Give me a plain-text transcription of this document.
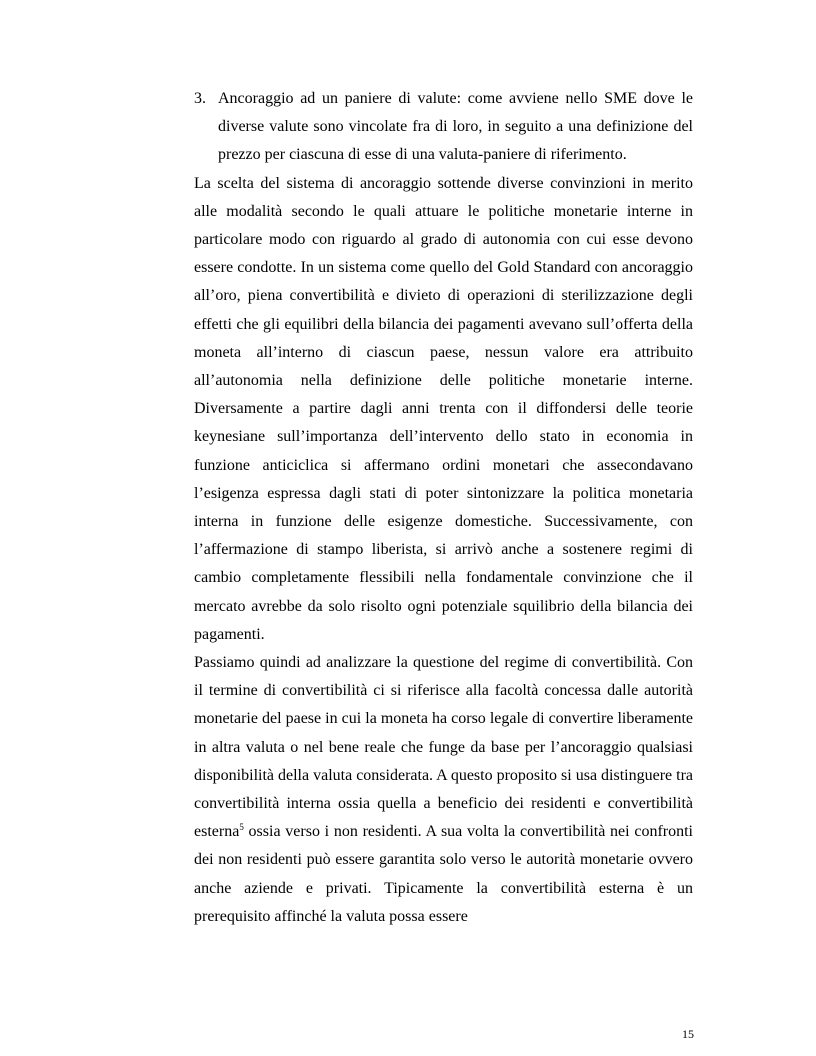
3. Ancoraggio ad un paniere di valute: come avviene nello SME dove le diverse valute sono vincolate fra di loro, in seguito a una definizione del prezzo per ciascuna di esse di una valuta-paniere di riferimento.

La scelta del sistema di ancoraggio sottende diverse convinzioni in merito alle modalità secondo le quali attuare le politiche monetarie interne in particolare modo con riguardo al grado di autonomia con cui esse devono essere condotte. In un sistema come quello del Gold Standard con ancoraggio all’oro, piena convertibilità e divieto di operazioni di sterilizzazione degli effetti che gli equilibri della bilancia dei pagamenti avevano sull’offerta della moneta all’interno di ciascun paese, nessun valore era attribuito all’autonomia nella definizione delle politiche monetarie interne. Diversamente a partire dagli anni trenta con il diffondersi delle teorie keynesiane sull’importanza dell’intervento dello stato in economia in funzione anticiclica si affermano ordini monetari che assecondavano l’esigenza espressa dagli stati di poter sintonizzare la politica monetaria interna in funzione delle esigenze domestiche. Successivamente, con l’affermazione di stampo liberista, si arrivò anche a sostenere regimi di cambio completamente flessibili nella fondamentale convinzione che il mercato avrebbe da solo risolto ogni potenziale squilibrio della bilancia dei pagamenti.

Passiamo quindi ad analizzare la questione del regime di convertibilità. Con il termine di convertibilità ci si riferisce alla facoltà concessa dalle autorità monetarie del paese in cui la moneta ha corso legale di convertire liberamente in altra valuta o nel bene reale che funge da base per l’ancoraggio qualsiasi disponibilità della valuta considerata. A questo proposito si usa distinguere tra convertibilità interna ossia quella a beneficio dei residenti e convertibilità esterna$^5$ ossia verso i non residenti. A sua volta la convertibilità nei confronti dei non residenti può essere garantita solo verso le autorità monetarie ovvero anche aziende e privati. Tipicamente la convertibilità esterna è un prerequisito affinché la valuta possa essere

15
